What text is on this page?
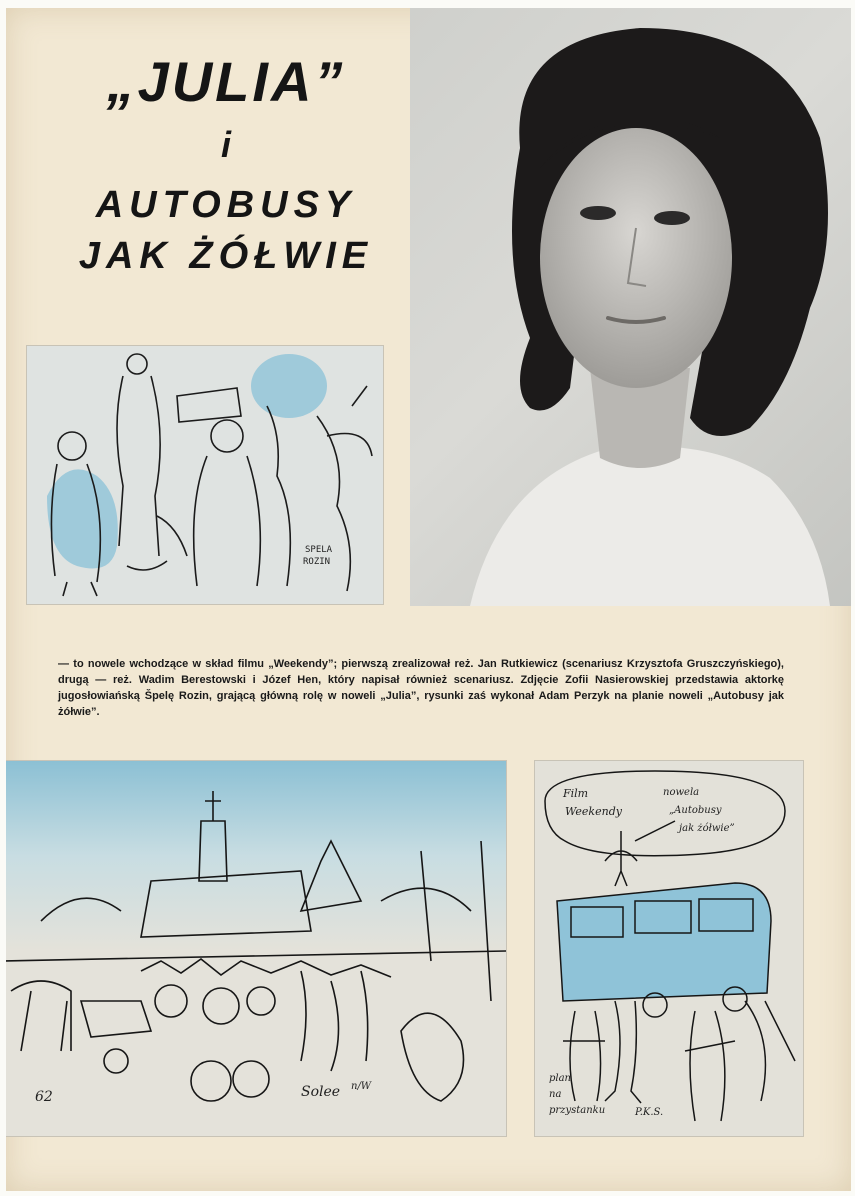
„JULIA”
i
AUTOBUSY
JAK ŻÓŁWIE
SPELA
ROZIN
— to nowele wchodzące w skład filmu „Weekendy”; pierwszą zrealizował reż. Jan Rutkiewicz (scenariusz Krzysztofa Gruszczyńskiego), drugą — reż. Wadim Berestowski i Józef Hen, który napisał również scenariusz. Zdjęcie Zofii Nasierowskiej przedstawia aktorkę jugosłowiańską Špelę Rozin, grającą główną rolę w noweli „Julia”, rysunki zaś wykonał Adam Perzyk na planie noweli „Autobusy jak żółwie”.
62	Solee n/W
Film
Weekendy
nowela
„Autobusy
jak żółwie”
plan
na
przystanku	P.K.S.
